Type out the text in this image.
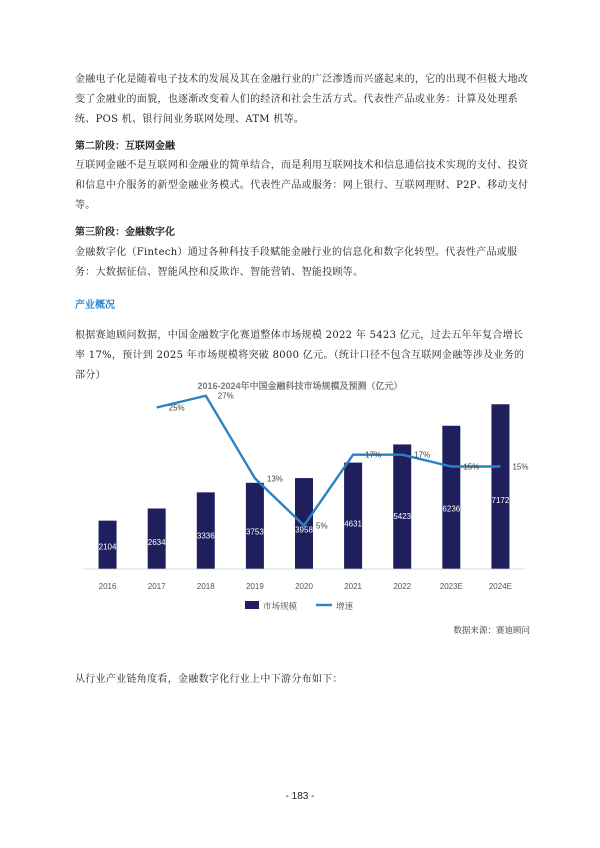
金融电子化是随着电子技术的发展及其在金融行业的广泛渗透而兴盛起来的，它的出现不但极大地改变了金融业的面貌，也逐渐改变着人们的经济和社会生活方式。代表性产品或业务：计算及处理系统、POS 机、银行间业务联网处理、ATM 机等。

第二阶段：互联网金融

互联网金融不是互联网和金融业的简单结合，而是利用互联网技术和信息通信技术实现的支付、投资和信息中介服务的新型金融业务模式。代表性产品或服务：网上银行、互联网理财、P2P、移动支付等。

第三阶段：金融数字化

金融数字化（Fintech）通过各种科技手段赋能金融行业的信息化和数字化转型。代表性产品或服务：大数据征信、智能风控和反欺诈、智能营销、智能投顾等。

产业概况

根据赛迪顾问数据，中国金融数字化赛道整体市场规模 2022 年 5423 亿元，过去五年年复合增长率 17%，预计到 2025 年市场规模将突破 8000 亿元。（统计口径不包含互联网金融等涉及业务的部分）

2016-2024年中国金融科技市场规模及预测（亿元）
2104
2634
3336	3753	3958
4631
5423
6236
7172
25%
27%
13%
5%
17%	17%
15%	15%
2016	2017	2018	2019	2020	2021	2022	2023E	2024E
市场规模	增速
数据来源：赛迪顾问

从行业产业链角度看，金融数字化行业上中下游分布如下：

- 183 -
